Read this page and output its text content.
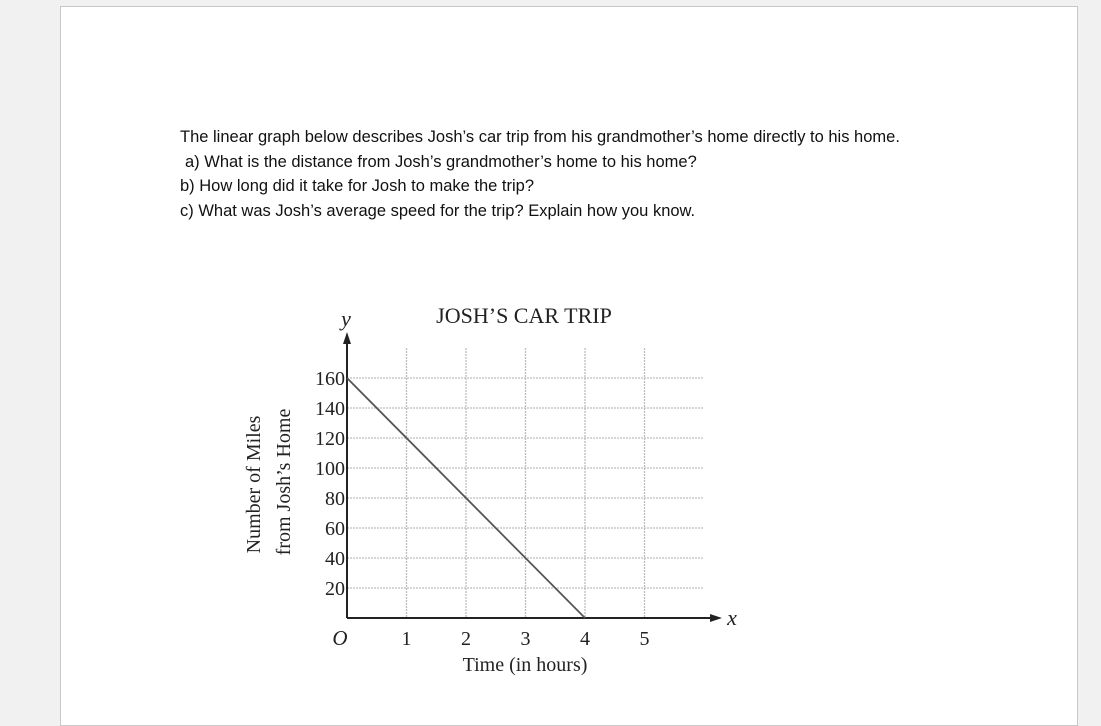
The linear graph below describes Josh’s car trip from his grandmother’s home directly to his home.

a) What is the distance from Josh’s grandmother’s home to his home?

b) How long did it take for Josh to make the trip?

c) What was Josh’s average speed for the trip? Explain how you know.

JOSH’S CAR TRIP
Time (in hours)
Number of Miles from Josh’s Home
x
y
O
20
40
60
80
100
120
140
160
1 2 3 4 5
